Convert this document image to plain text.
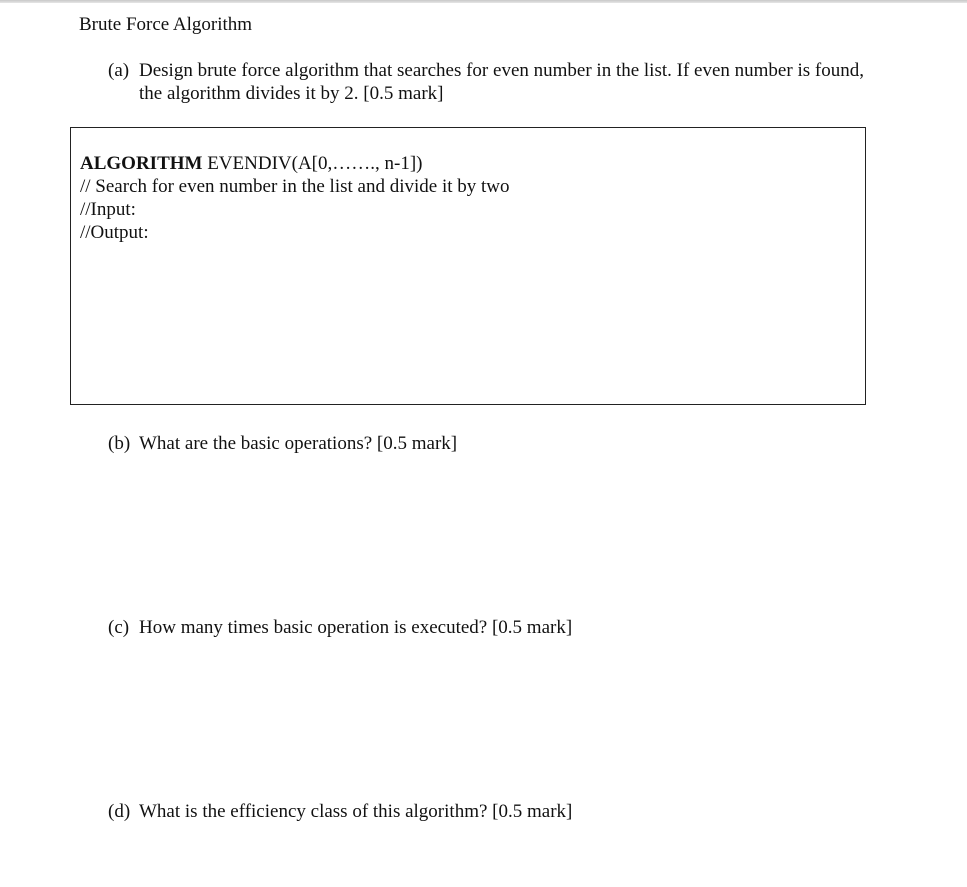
Brute Force Algorithm
(a) Design brute force algorithm that searches for even number in the list. If even number is found, the algorithm divides it by 2. [0.5 mark]
ALGORITHM EVENDIV(A[0,……., n-1])
// Search for even number in the list and divide it by two
//Input:
//Output:
(b) What are the basic operations? [0.5 mark]
(c) How many times basic operation is executed? [0.5 mark]
(d) What is the efficiency class of this algorithm? [0.5 mark]
